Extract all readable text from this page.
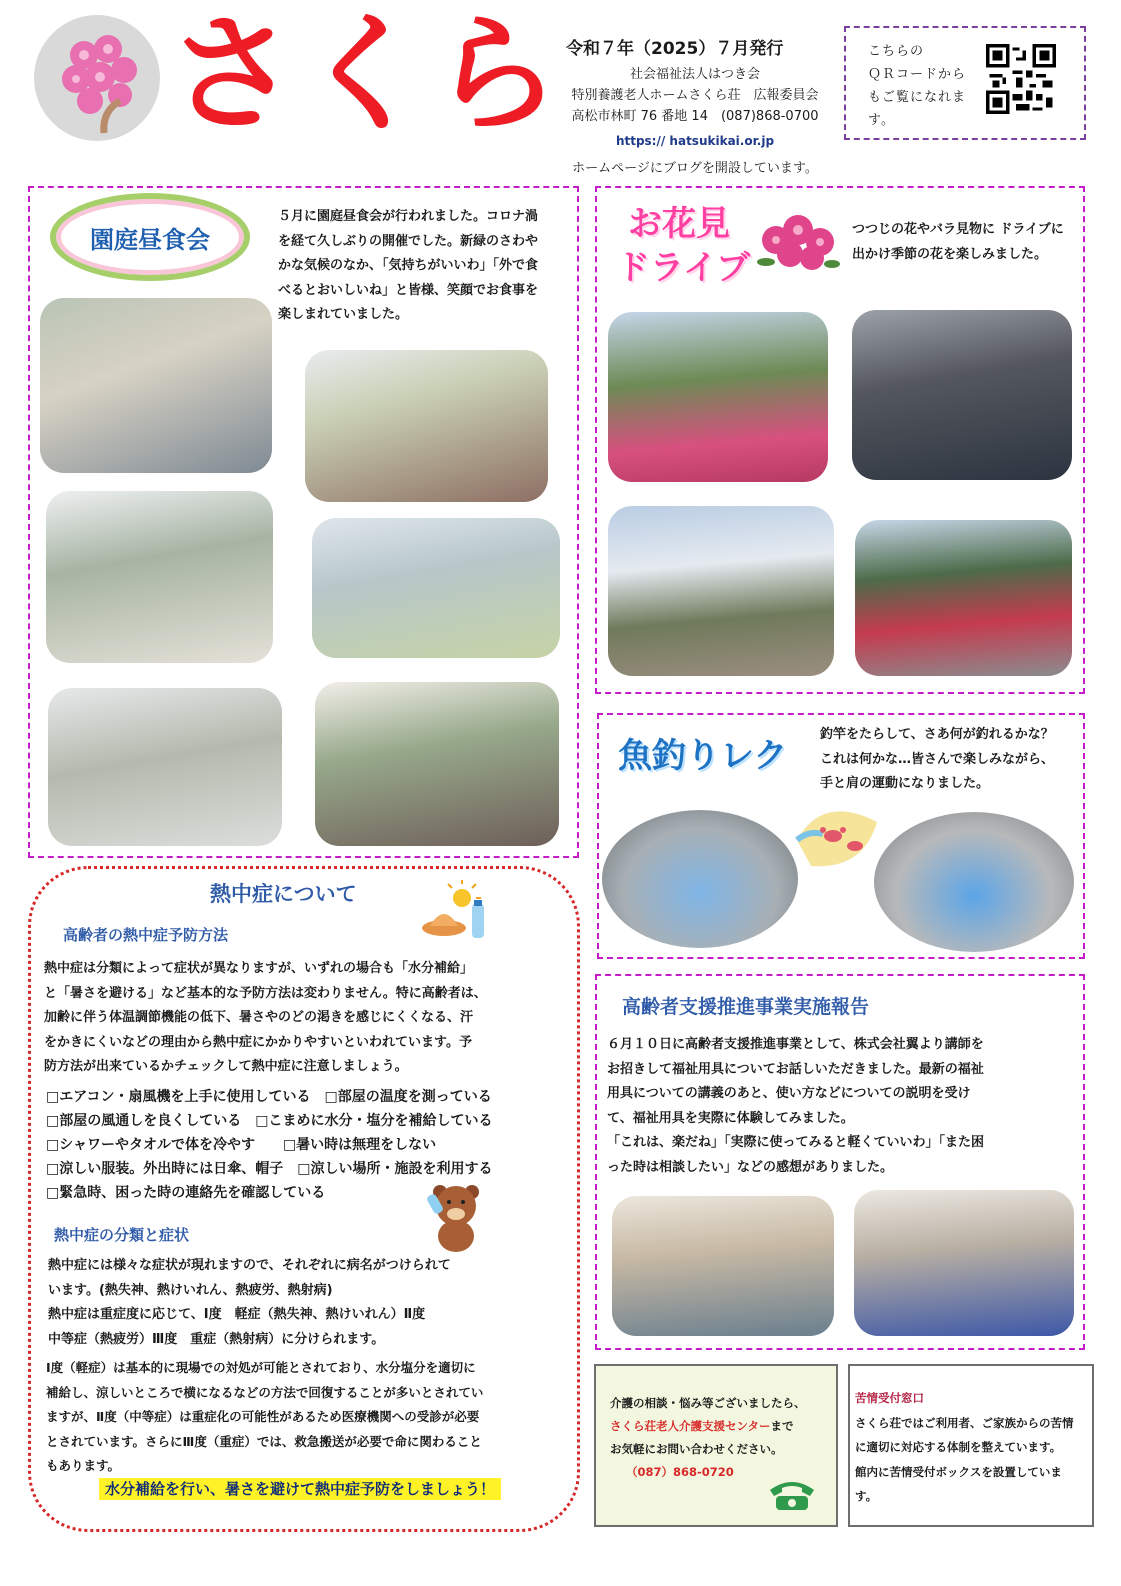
さくら 令和７年（2025）７月発行
社会福祉法人はつき会
特別養護老人ホームさくら荘　広報委員会
高松市林町 76 番地 14　(087)868-0700
https:// hatsukikai.or.jp
ホームページにブログを開設しています。
こちらの
ＱＲコードから
もご覧になれま
す。
園庭昼食会
５月に園庭昼食会が行われました。コロナ渦
を経て久しぶりの開催でした。新緑のさわや
かな気候のなか、「気持ちがいいわ」「外で食
べるとおいしいね」と皆様、笑顔でお食事を
楽しまれていました。
お花見
ドライブ
つつじの花やバラ見物に ドライブに
出かけ季節の花を楽しみました。
魚釣りレク
釣竿をたらして、さあ何が釣れるかな？
これは何かな…皆さんで楽しみながら、
手と肩の運動になりました。
高齢者支援推進事業実施報告
６月１０日に高齢者支援推進事業として、株式会社翼より講師を
お招きして福祉用具についてお話しいただきました。最新の福祉
用具についての講義のあと、使い方などについての説明を受け
て、福祉用具を実際に体験してみました。
「これは、楽だね」「実際に使ってみると軽くていいわ」「また困
った時は相談したい」などの感想がありました。
熱中症について
高齢者の熱中症予防方法
熱中症は分類によって症状が異なりますが、いずれの場合も「水分補給」
と「暑さを避ける」など基本的な予防方法は変わりません。特に高齢者は、
加齢に伴う体温調節機能の低下、暑さやのどの渇きを感じにくくなる、汗
をかきにくいなどの理由から熱中症にかかりやすいといわれています。予
防方法が出来ているかチェックして熱中症に注意しましょう。
□エアコン・扇風機を上手に使用している　□部屋の温度を測っている
□部屋の風通しを良くしている　□こまめに水分・塩分を補給している
□シャワーやタオルで体を冷やす　　□暑い時は無理をしない
□涼しい服装。外出時には日傘、帽子　□涼しい場所・施設を利用する
□緊急時、困った時の連絡先を確認している
熱中症の分類と症状
熱中症には様々な症状が現れますので、それぞれに病名がつけられて
います。(熱失神、熱けいれん、熱疲労、熱射病)
熱中症は重症度に応じて、Ⅰ度　軽症（熱失神、熱けいれん）Ⅱ度
中等症（熱疲労）Ⅲ度　重症（熱射病）に分けられます。
Ⅰ度（軽症）は基本的に現場での対処が可能とされており、水分塩分を適切に
補給し、涼しいところで横になるなどの方法で回復することが多いとされてい
ますが、Ⅱ度（中等症）は重症化の可能性があるため医療機関への受診が必要
とされています。さらにⅢ度（重症）では、救急搬送が必要で命に関わること
もあります。
水分補給を行い、暑さを避けて熱中症予防をしましょう！
介護の相談・悩み等ございましたら、
さくら荘老人介護支援センターまで
お気軽にお問い合わせください。
（087）868-0720
苦情受付窓口
さくら荘ではご利用者、ご家族からの苦情
に適切に対応する体制を整えています。
館内に苦情受付ボックスを設置していま
す。
